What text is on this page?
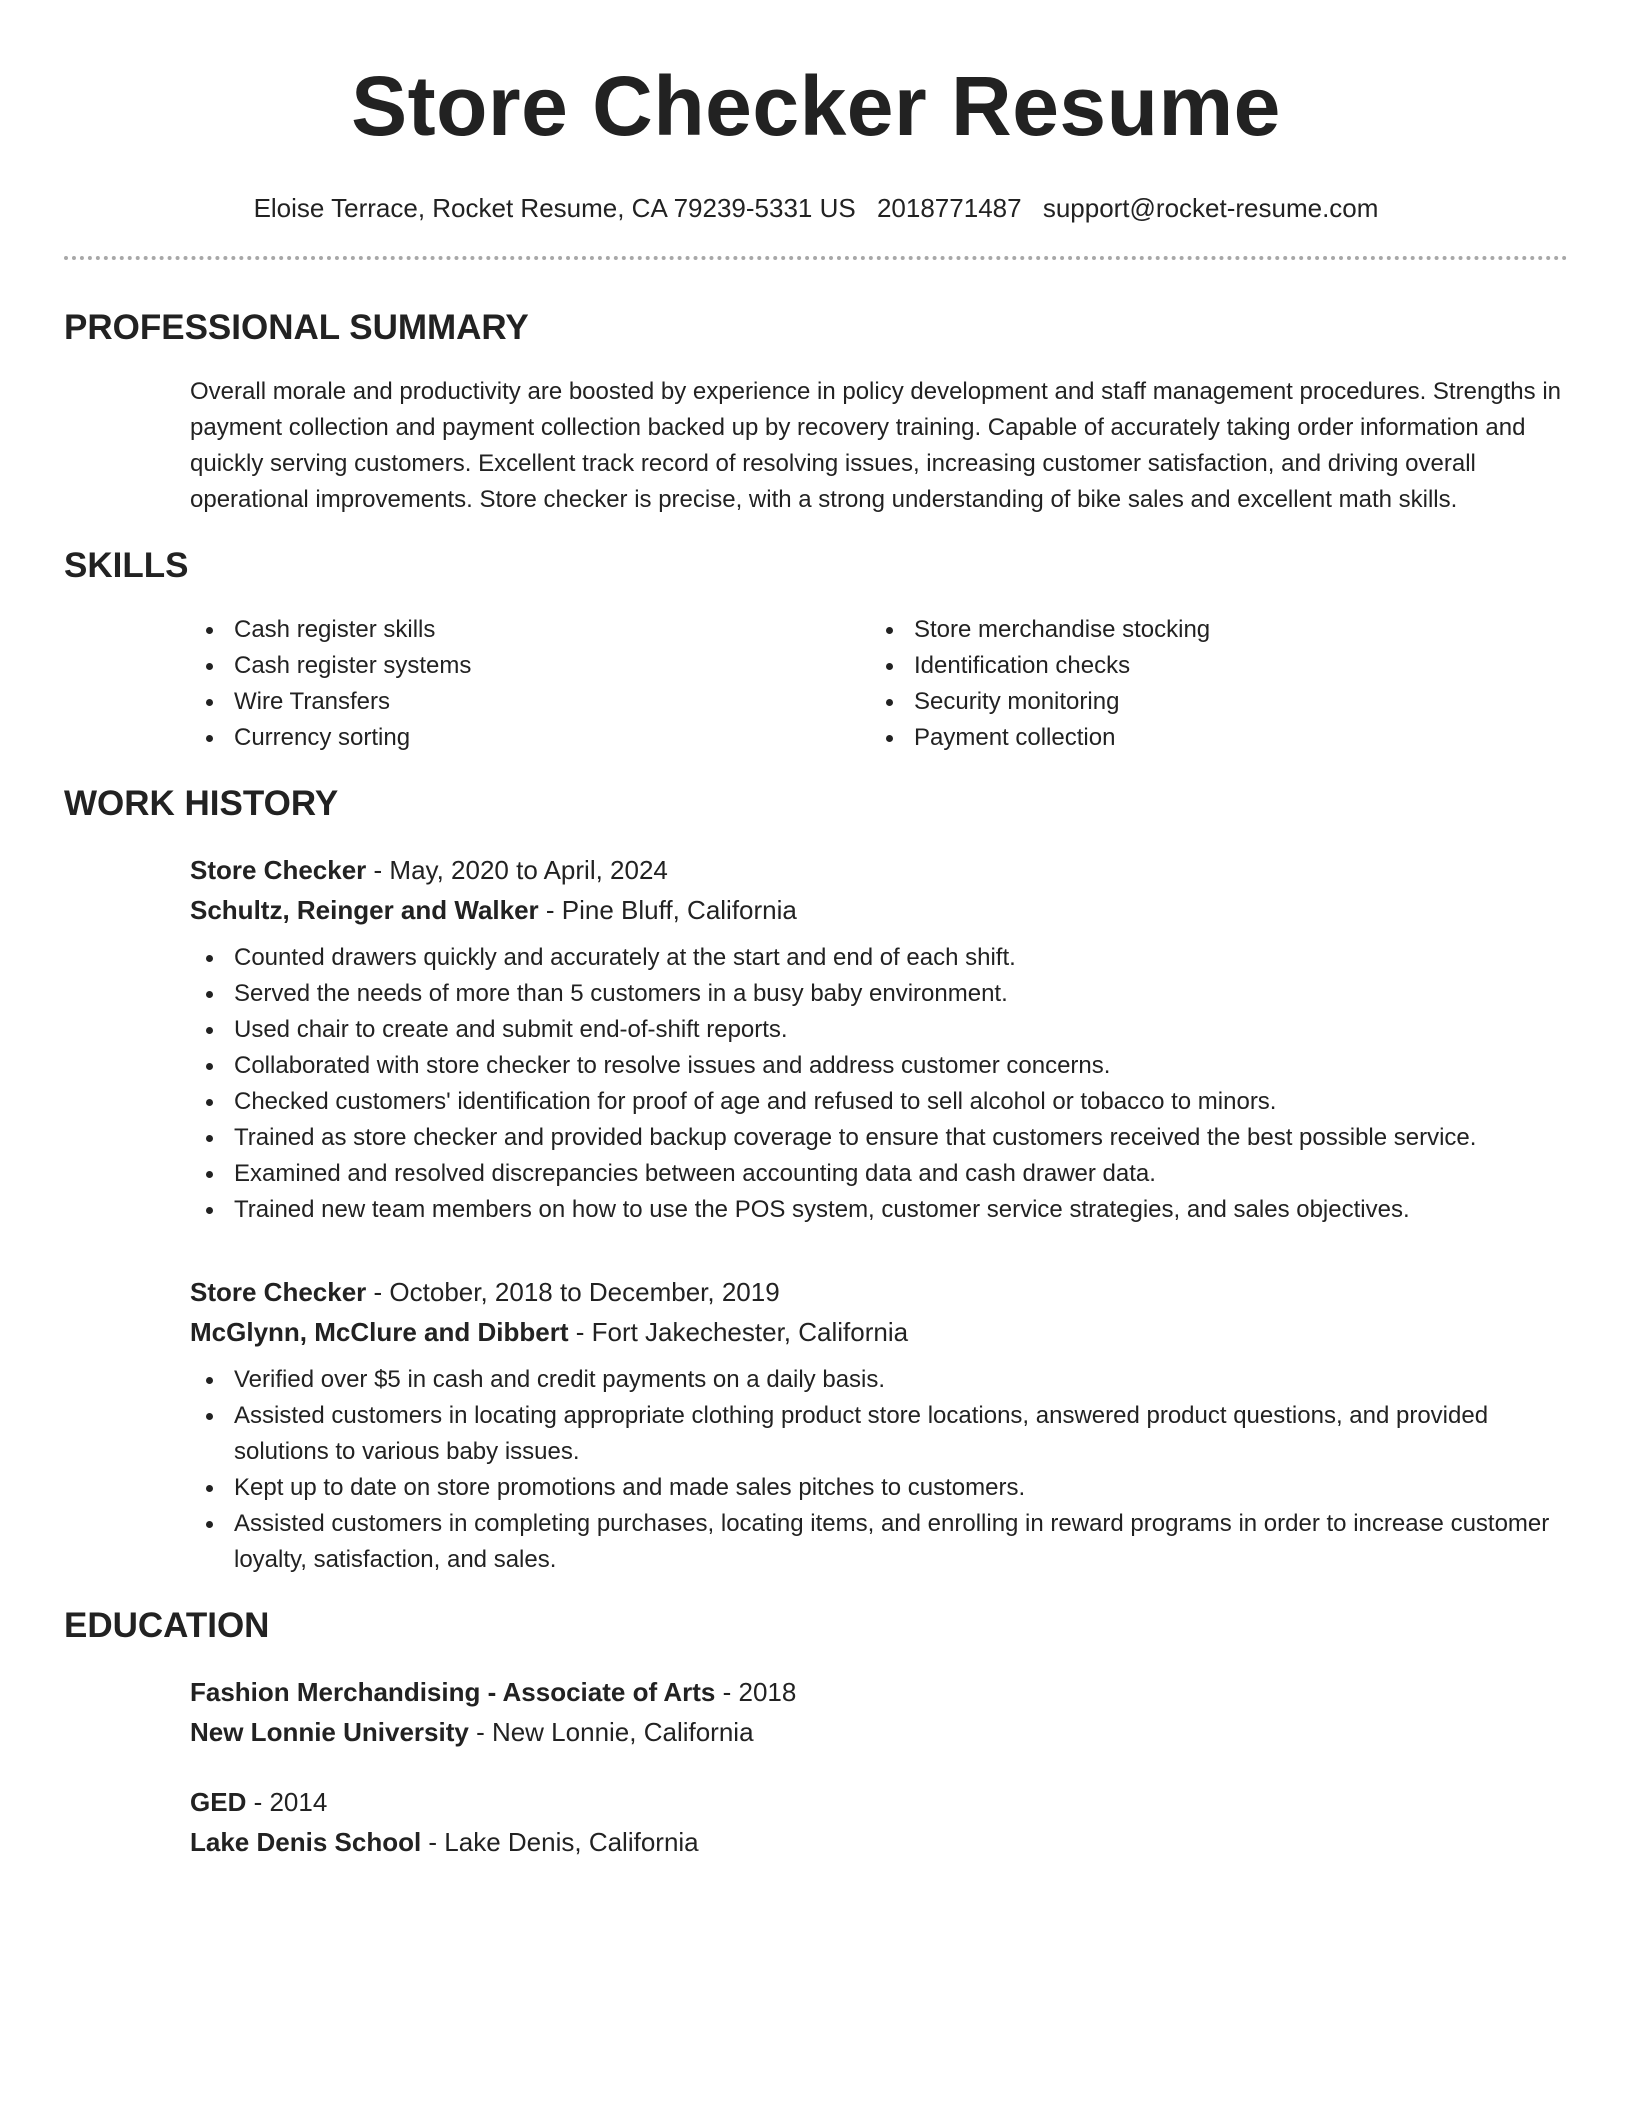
Store Checker Resume
Eloise Terrace, Rocket Resume, CA 79239-5331 US 2018771487 support@rocket-resume.com
PROFESSIONAL SUMMARY
Overall morale and productivity are boosted by experience in policy development and staff management procedures. Strengths in payment collection and payment collection backed up by recovery training. Capable of accurately taking order information and quickly serving customers. Excellent track record of resolving issues, increasing customer satisfaction, and driving overall operational improvements. Store checker is precise, with a strong understanding of bike sales and excellent math skills.
SKILLS
Cash register skills
Cash register systems
Wire Transfers
Currency sorting
Store merchandise stocking
Identification checks
Security monitoring
Payment collection
WORK HISTORY
Store Checker - May, 2020 to April, 2024
Schultz, Reinger and Walker - Pine Bluff, California
Counted drawers quickly and accurately at the start and end of each shift.
Served the needs of more than 5 customers in a busy baby environment.
Used chair to create and submit end-of-shift reports.
Collaborated with store checker to resolve issues and address customer concerns.
Checked customers' identification for proof of age and refused to sell alcohol or tobacco to minors.
Trained as store checker and provided backup coverage to ensure that customers received the best possible service.
Examined and resolved discrepancies between accounting data and cash drawer data.
Trained new team members on how to use the POS system, customer service strategies, and sales objectives.
Store Checker - October, 2018 to December, 2019
McGlynn, McClure and Dibbert - Fort Jakechester, California
Verified over $5 in cash and credit payments on a daily basis.
Assisted customers in locating appropriate clothing product store locations, answered product questions, and provided solutions to various baby issues.
Kept up to date on store promotions and made sales pitches to customers.
Assisted customers in completing purchases, locating items, and enrolling in reward programs in order to increase customer loyalty, satisfaction, and sales.
EDUCATION
Fashion Merchandising - Associate of Arts - 2018
New Lonnie University - New Lonnie, California
GED - 2014
Lake Denis School - Lake Denis, California
